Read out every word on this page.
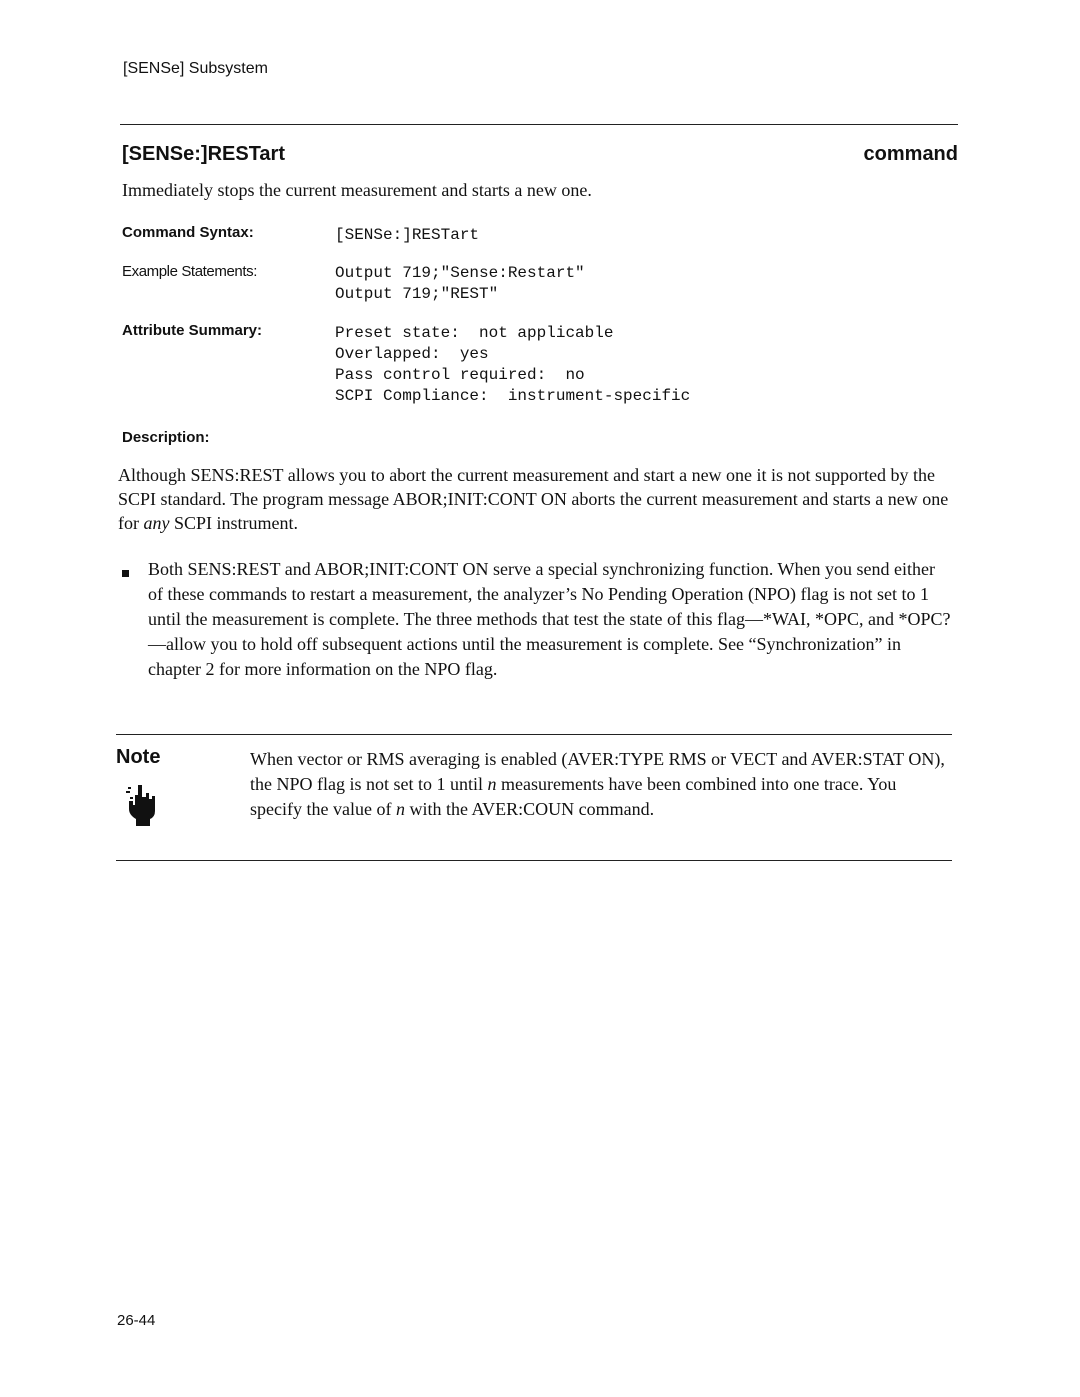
[SENSe] Subsystem
[SENSe:]RESTart	command
Immediately stops the current measurement and starts a new one.
Command Syntax:	[SENSe:]RESTart
Example Statements:	Output 719;"Sense:Restart"
Output 719;"REST"
Attribute Summary:	Preset state:  not applicable
Overlapped:  yes
Pass control required:  no
SCPI Compliance:  instrument-specific
Description:
Although SENS:REST allows you to abort the current measurement and start a new one it is not supported by the SCPI standard. The program message ABOR;INIT:CONT ON aborts the current measurement and starts a new one for any SCPI instrument.
Both SENS:REST and ABOR;INIT:CONT ON serve a special synchronizing function. When you send either of these commands to restart a measurement, the analyzer’s No Pending Operation (NPO) flag is not set to 1 until the measurement is complete. The three methods that test the state of this flag—*WAI, *OPC, and *OPC?—allow you to hold off subsequent actions until the measurement is complete. See “Synchronization” in chapter 2 for more information on the NPO flag.
Note	When vector or RMS averaging is enabled (AVER:TYPE RMS or VECT and AVER:STAT ON), the NPO flag is not set to 1 until n measurements have been combined into one trace. You specify the value of n with the AVER:COUN command.
26-44
